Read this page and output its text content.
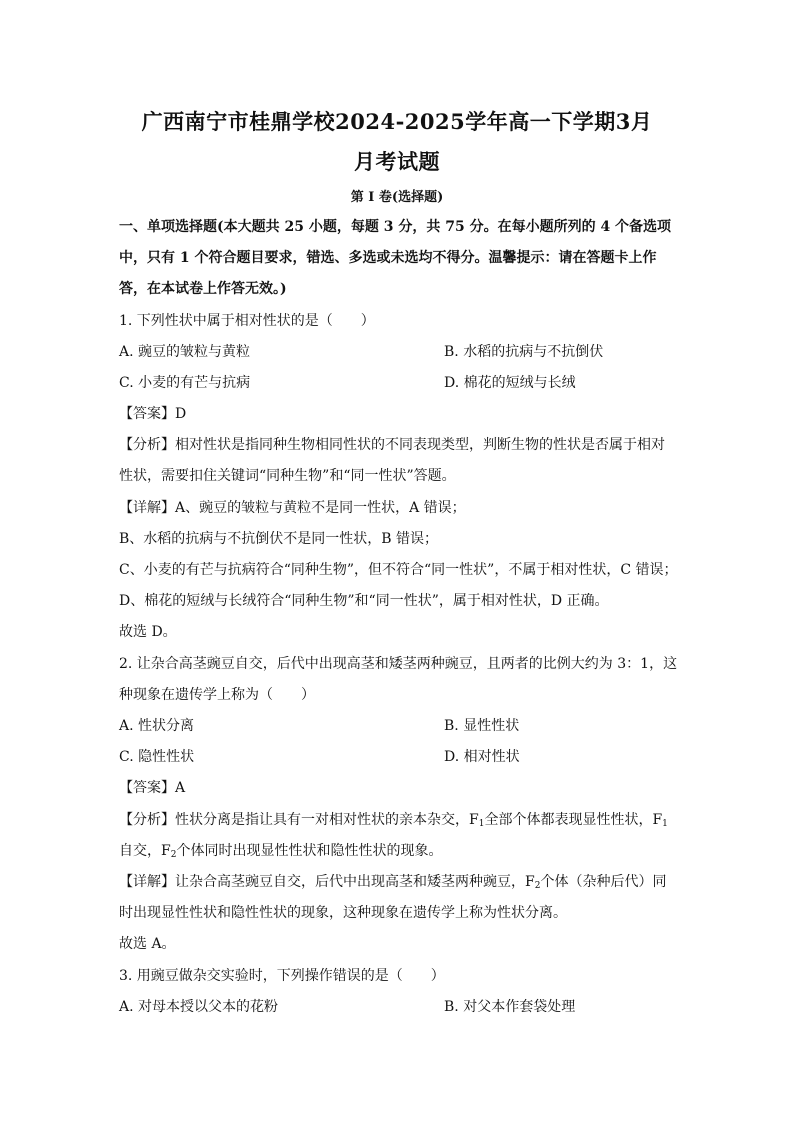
广西南宁市桂鼎学校2024-2025学年高一下学期3月
月考试题
第 I 卷(选择题)
一、单项选择题(本大题共 25 小题，每题 3 分，共 75 分。在每小题所列的 4 个备选项
中，只有 1 个符合题目要求，错选、多选或未选均不得分。温馨提示：请在答题卡上作
答，在本试卷上作答无效。)
1. 下列性状中属于相对性状的是（　　）
A. 豌豆的皱粒与黄粒	B. 水稻的抗病与不抗倒伏
C. 小麦的有芒与抗病	D. 棉花的短绒与长绒
【答案】D
【分析】相对性状是指同种生物相同性状的不同表现类型，判断生物的性状是否属于相对
性状，需要扣住关键词“同种生物”和“同一性状”答题。
【详解】A、豌豆的皱粒与黄粒不是同一性状，A 错误；
B、水稻的抗病与不抗倒伏不是同一性状，B 错误；
C、小麦的有芒与抗病符合“同种生物”，但不符合“同一性状”，不属于相对性状，C 错误；
D、棉花的短绒与长绒符合“同种生物”和“同一性状”，属于相对性状，D 正确。
故选 D。
2. 让杂合高茎豌豆自交，后代中出现高茎和矮茎两种豌豆，且两者的比例大约为 3：1，这
种现象在遗传学上称为（　　）
A. 性状分离	B. 显性性状
C. 隐性性状	D. 相对性状
【答案】A
【分析】性状分离是指让具有一对相对性状的亲本杂交，$F_1$全部个体都表现显性性状，$F_1$
自交，$F_2$个体同时出现显性性状和隐性性状的现象。
【详解】让杂合高茎豌豆自交，后代中出现高茎和矮茎两种豌豆，$F_2$个体（杂种后代）同
时出现显性性状和隐性性状的现象，这种现象在遗传学上称为性状分离。
故选 A。
3. 用豌豆做杂交实验时，下列操作错误的是（　　）
A. 对母本授以父本的花粉	B. 对父本作套袋处理
